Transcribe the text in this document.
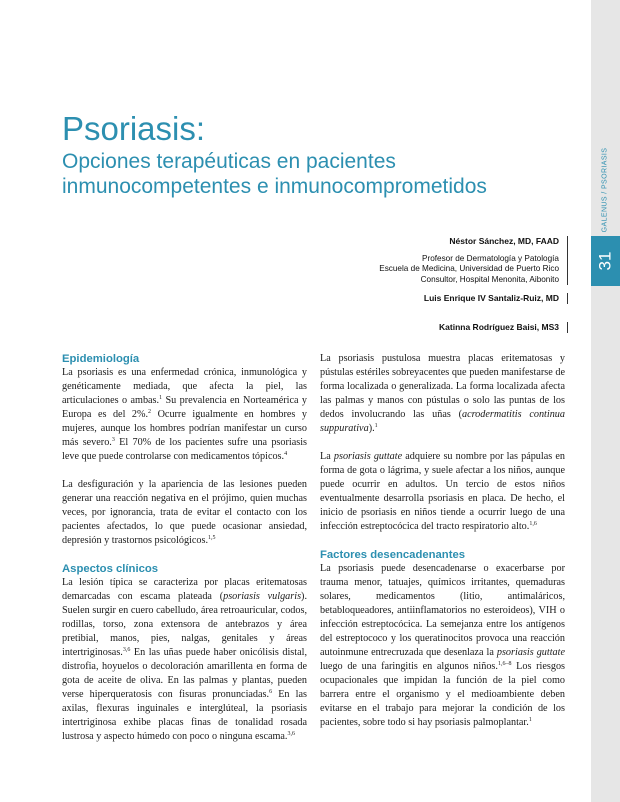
GALENUS / PSORIASIS
31
Psoriasis:
Opciones terapéuticas en pacientes inmunocompetentes e inmunocomprometidos
Néstor Sánchez, MD, FAAD
Profesor de Dermatología y Patología
Escuela de Medicina, Universidad de Puerto Rico
Consultor, Hospital Menonita, Aibonito
Luis Enrique IV Santaliz-Ruiz, MD
Katinna Rodríguez Baisi, MS3
Epidemiología

La psoriasis es una enfermedad crónica, inmunológica y genéticamente mediada, que afecta la piel, las articulaciones o ambas.$^1$ Su prevalencia en Norteamérica y Europa es del 2%.$^2$ Ocurre igualmente en hombres y mujeres, aunque los hombres podrían manifestar un curso más severo.$^3$ El 70% de los pacientes sufre una psoriasis leve que puede controlarse con medicamentos tópicos.$^4$

La desfiguración y la apariencia de las lesiones pueden generar una reacción negativa en el prójimo, quien muchas veces, por ignorancia, trata de evitar el contacto con los pacientes afectados, lo que puede ocasionar ansiedad, depresión y trastornos psicológicos.$^{1,5}$

Aspectos clínicos

La lesión típica se caracteriza por placas eritematosas demarcadas con escama plateada (psoriasis vulgaris). Suelen surgir en cuero cabelludo, área retroauricular, codos, rodillas, torso, zona extensora de antebrazos y área pretibial, manos, pies, nalgas, genitales y áreas intertriginosas.$^{3,6}$ En las uñas puede haber onicólisis distal, distrofia, hoyuelos o decoloración amarillenta en forma de gota de aceite de oliva. En las palmas y plantas, pueden verse hiperqueratosis con fisuras pronunciadas.$^6$ En las axilas, flexuras inguinales e interglúteal, la psoriasis intertriginosa exhibe placas finas de tonalidad rosada lustrosa y aspecto húmedo con poco o ninguna escama.$^{3,6}$

La psoriasis pustulosa muestra placas eritematosas y pústulas estériles sobreyacentes que pueden manifestarse de forma localizada o generalizada. La forma localizada afecta las palmas y manos con pústulas o solo las puntas de los dedos involucrando las uñas (acrodermatitis continua suppurativa).$^1$

La psoriasis guttate adquiere su nombre por las pápulas en forma de gota o lágrima, y suele afectar a los niños, aunque puede ocurrir en adultos. Un tercio de estos niños eventualmente desarrolla psoriasis en placa. De hecho, el inicio de psoriasis en niños tiende a ocurrir luego de una infección estreptocócica del tracto respiratorio alto.$^{1,6}$

Factores desencadenantes

La psoriasis puede desencadenarse o exacerbarse por trauma menor, tatuajes, químicos irritantes, quemaduras solares, medicamentos (litio, antimaláricos, betabloqueadores, antiinflamatorios no esteroideos), VIH o infección estreptocócica. La semejanza entre los antígenos del estreptococo y los queratinocitos provoca una reacción autoinmune entrecruzada que desenlaza la psoriasis guttate luego de una faringitis en algunos niños.$^{1,6-8}$ Los riesgos ocupacionales que impidan la función de la piel como barrera entre el organismo y el medioambiente deben evitarse en el trabajo para mejorar la condición de los pacientes, sobre todo si hay psoriasis palmoplantar.$^1$
